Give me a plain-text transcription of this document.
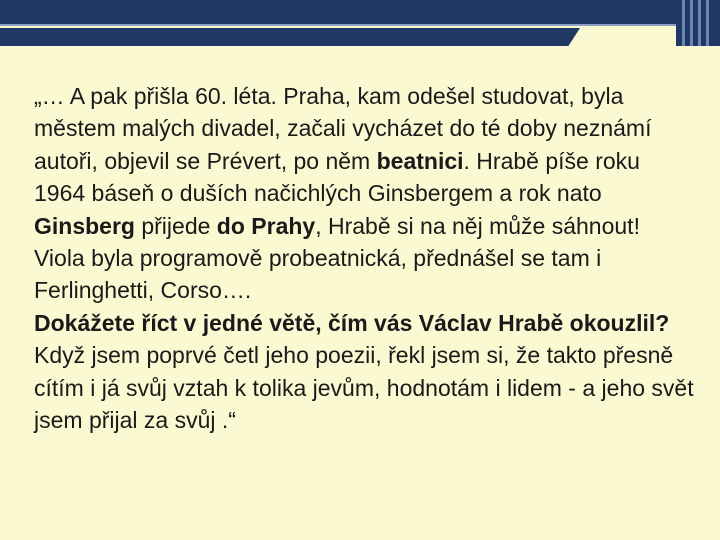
„… A pak přišla 60. léta. Praha, kam odešel studovat, byla městem malých divadel, začali vycházet do té doby neznámí autoři, objevil se Prévert, po něm beatnici. Hrabě píše roku 1964 báseň o duších načichlých Ginsbergem a rok nato Ginsberg přijede do Prahy, Hrabě si na něj může sáhnout! Viola byla programově probeatnická, přednášel se tam i Ferlinghetti, Corso….

Dokážete říct v jedné větě, čím vás Václav Hrabě okouzlil?

Když jsem poprvé četl jeho poezii, řekl jsem si, že takto přesně cítím i já svůj vztah k tolika jevům, hodnotám i lidem - a jeho svět jsem přijal za svůj .“
